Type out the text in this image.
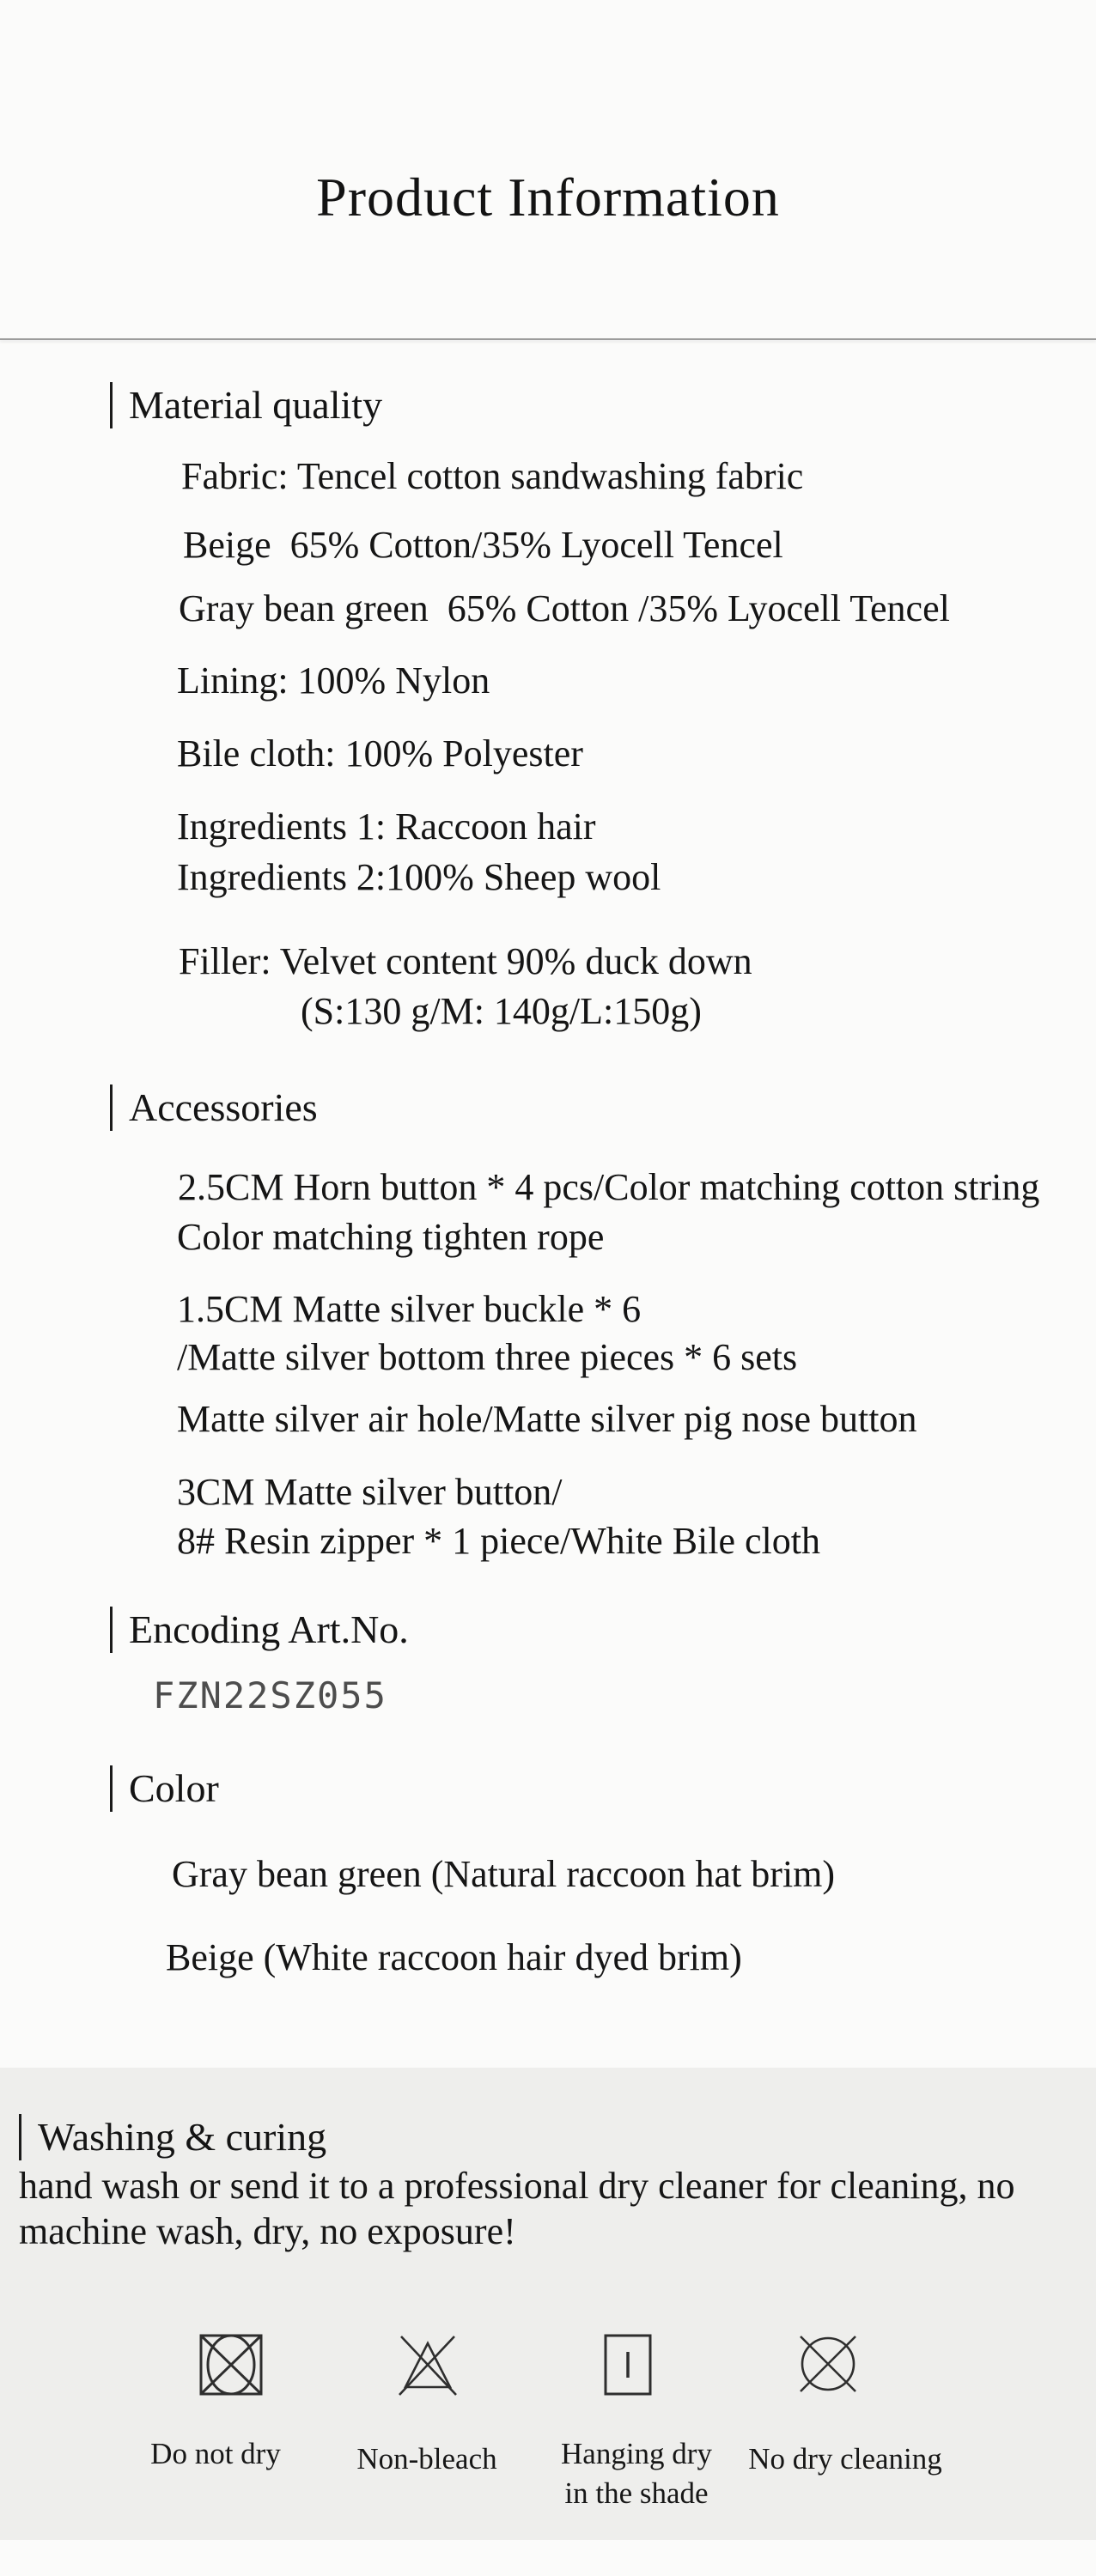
Product Information
Material quality
Fabric: Tencel cotton sandwashing fabric
Beige  65% Cotton/35% Lyocell Tencel
Gray bean green  65% Cotton /35% Lyocell Tencel
Lining: 100% Nylon
Bile cloth: 100% Polyester
Ingredients 1: Raccoon hair
Ingredients 2:100% Sheep wool
Filler: Velvet content 90% duck down
(S:130 g/M: 140g/L:150g)
Accessories
2.5CM Horn button * 4 pcs/Color matching cotton string
Color matching tighten rope
1.5CM Matte silver buckle * 6
/Matte silver bottom three pieces * 6 sets
Matte silver air hole/Matte silver pig nose button
3CM Matte silver button/
8# Resin zipper * 1 piece/White Bile cloth
Encoding Art.No.
FZN22SZ055
Color
Gray bean green (Natural raccoon hat brim)
Beige (White raccoon hair dyed brim)
Washing & curing
hand wash or send it to a professional dry cleaner for cleaning, no
machine wash, dry, no exposure!
Do not dry	Non-bleach	Hanging dry
in the shade
No dry cleaning
